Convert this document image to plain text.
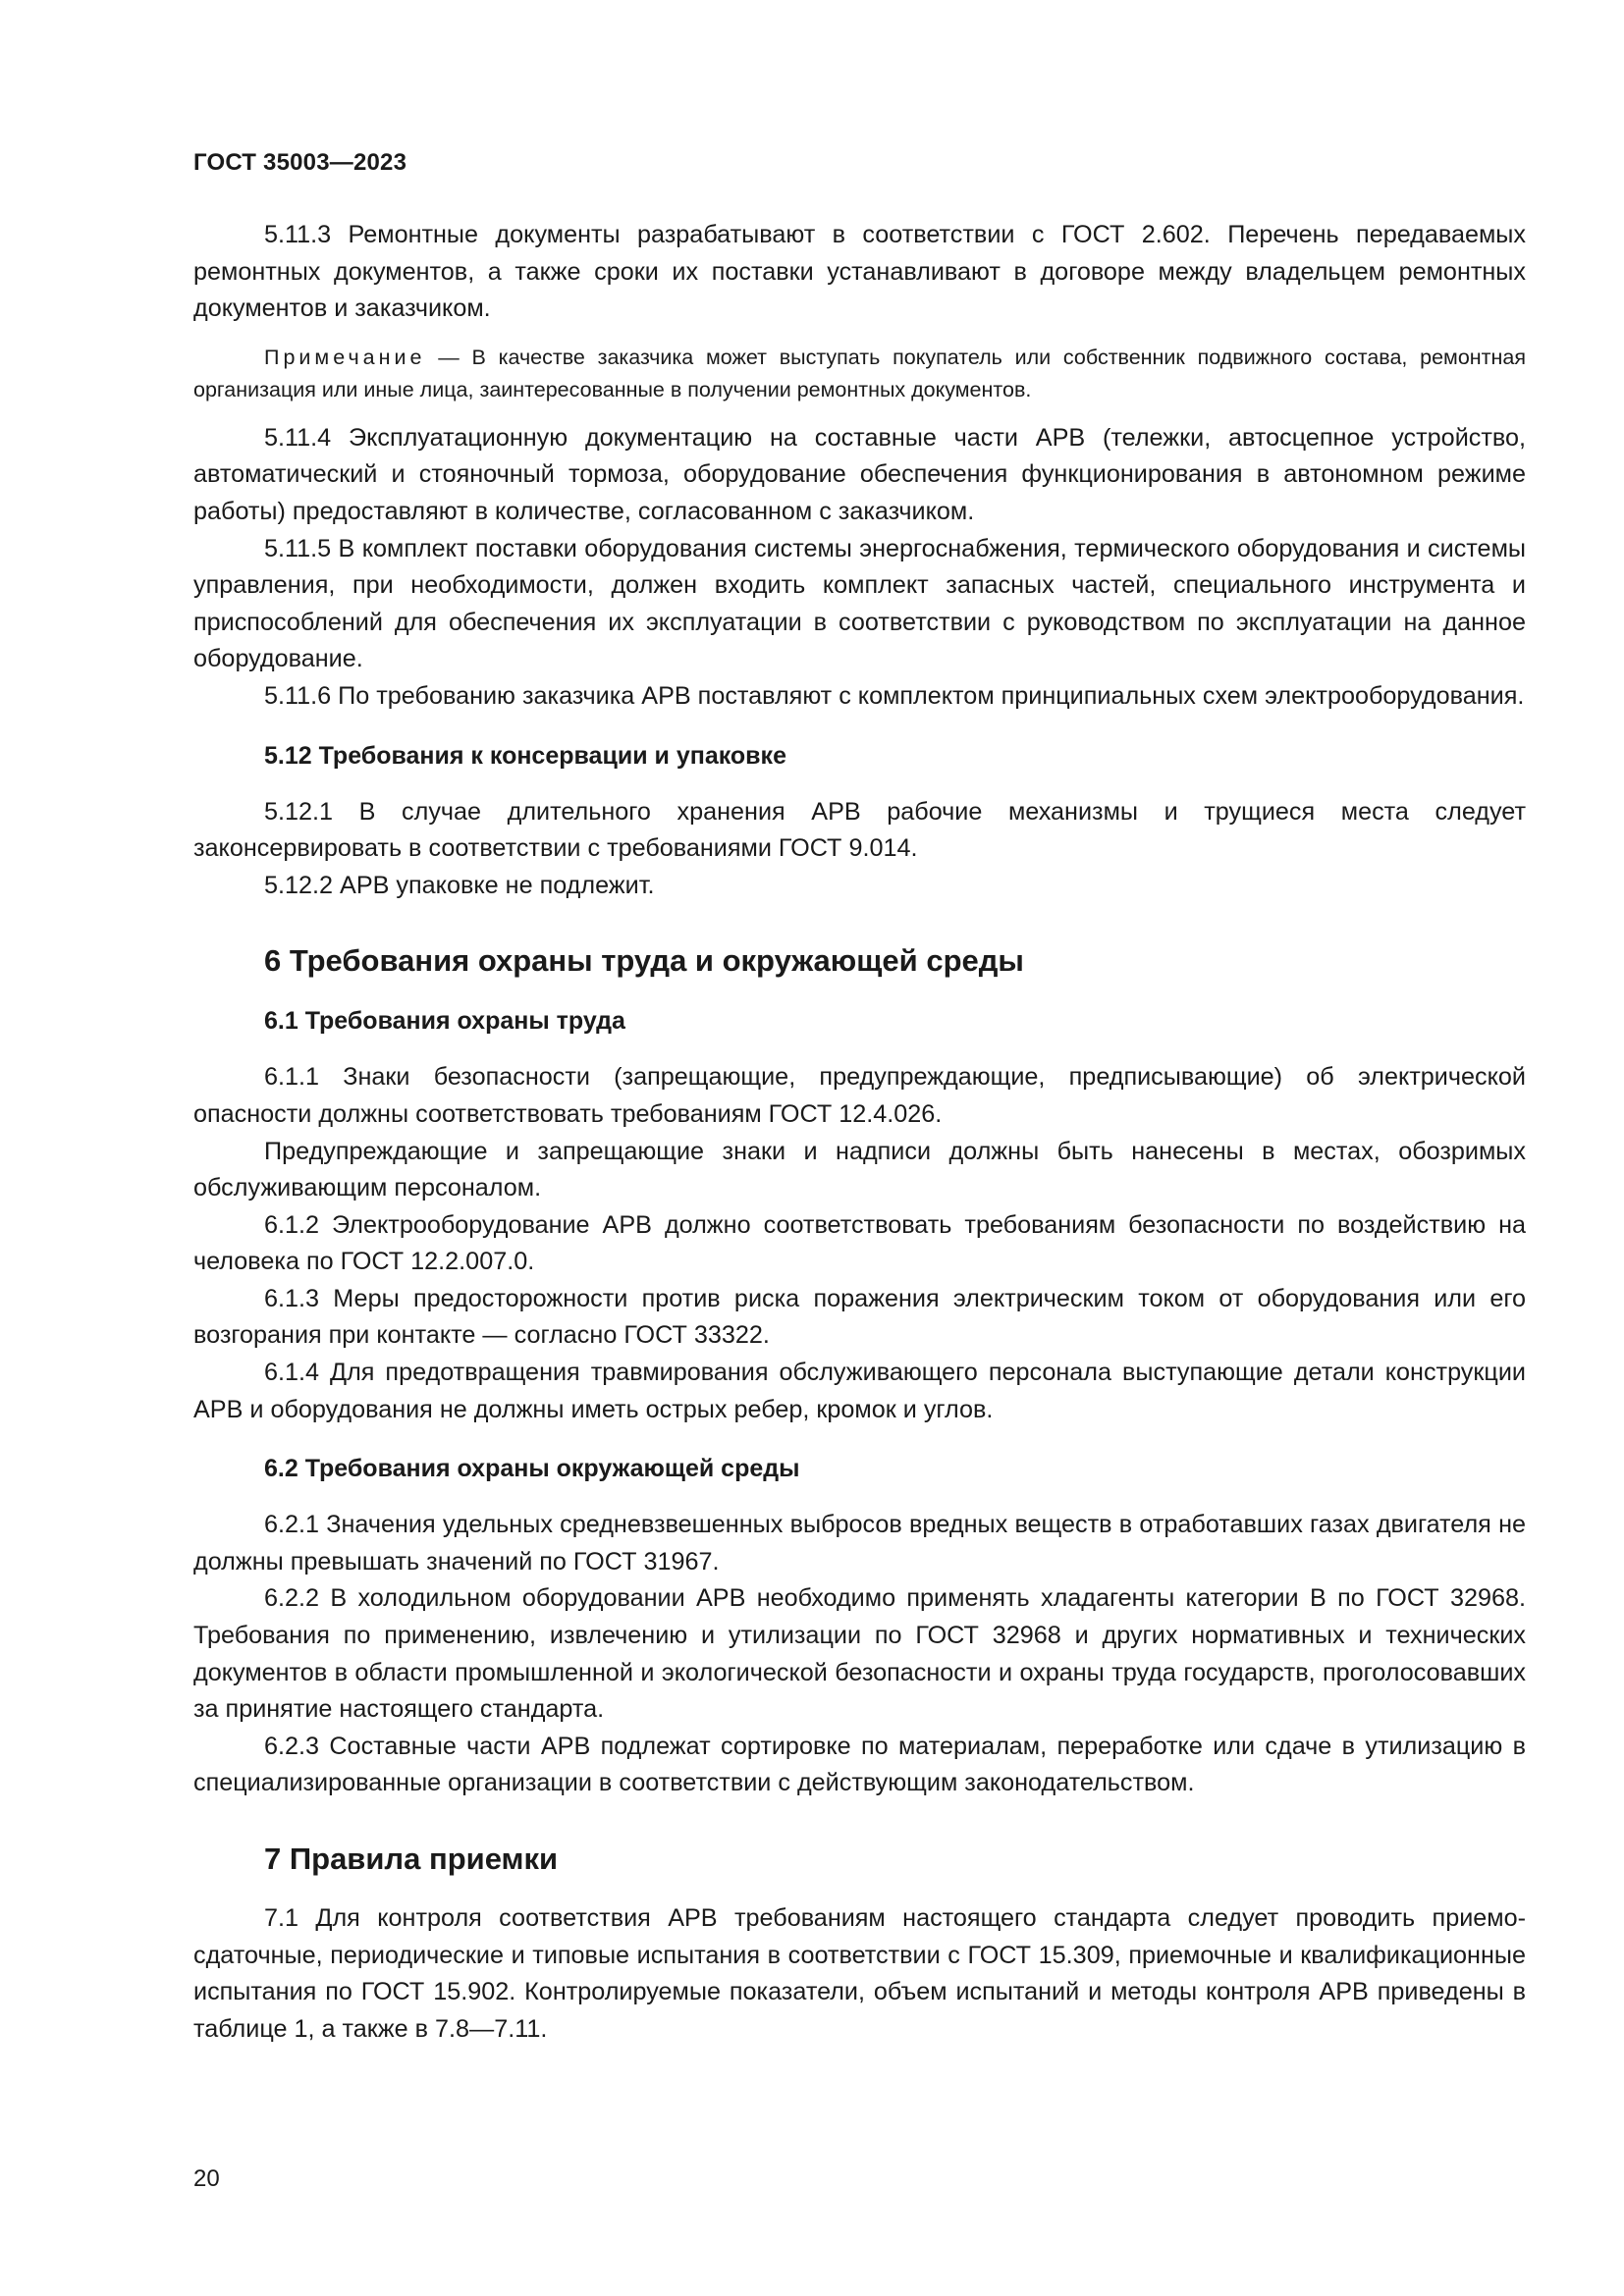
ГОСТ 35003—2023

5.11.3 Ремонтные документы разрабатывают в соответствии с ГОСТ 2.602. Перечень передаваемых ремонтных документов, а также сроки их поставки устанавливают в договоре между владельцем ремонтных документов и заказчиком.

Примечание — В качестве заказчика может выступать покупатель или собственник подвижного состава, ремонтная организация или иные лица, заинтересованные в получении ремонтных документов.

5.11.4 Эксплуатационную документацию на составные части АРВ (тележки, автосцепное устройство, автоматический и стояночный тормоза, оборудование обеспечения функционирования в автономном режиме работы) предоставляют в количестве, согласованном с заказчиком.

5.11.5 В комплект поставки оборудования системы энергоснабжения, термического оборудования и системы управления, при необходимости, должен входить комплект запасных частей, специального инструмента и приспособлений для обеспечения их эксплуатации в соответствии с руководством по эксплуатации на данное оборудование.

5.11.6 По требованию заказчика АРВ поставляют с комплектом принципиальных схем электрооборудования.

5.12 Требования к консервации и упаковке

5.12.1 В случае длительного хранения АРВ рабочие механизмы и трущиеся места следует законсервировать в соответствии с требованиями ГОСТ 9.014.

5.12.2 АРВ упаковке не подлежит.

6 Требования охраны труда и окружающей среды
6.1 Требования охраны труда

6.1.1 Знаки безопасности (запрещающие, предупреждающие, предписывающие) об электрической опасности должны соответствовать требованиям ГОСТ 12.4.026.

Предупреждающие и запрещающие знаки и надписи должны быть нанесены в местах, обозримых обслуживающим персоналом.

6.1.2 Электрооборудование АРВ должно соответствовать требованиям безопасности по воздействию на человека по ГОСТ 12.2.007.0.

6.1.3 Меры предосторожности против риска поражения электрическим током от оборудования или его возгорания при контакте — согласно ГОСТ 33322.

6.1.4 Для предотвращения травмирования обслуживающего персонала выступающие детали конструкции АРВ и оборудования не должны иметь острых ребер, кромок и углов.

6.2 Требования охраны окружающей среды

6.2.1 Значения удельных средневзвешенных выбросов вредных веществ в отработавших газах двигателя не должны превышать значений по ГОСТ 31967.

6.2.2 В холодильном оборудовании АРВ необходимо применять хладагенты категории В по ГОСТ 32968. Требования по применению, извлечению и утилизации по ГОСТ 32968 и других нормативных и технических документов в области промышленной и экологической безопасности и охраны труда государств, проголосовавших за принятие настоящего стандарта.

6.2.3 Составные части АРВ подлежат сортировке по материалам, переработке или сдаче в утилизацию в специализированные организации в соответствии с действующим законодательством.

7 Правила приемки

7.1 Для контроля соответствия АРВ требованиям настоящего стандарта следует проводить приемо-сдаточные, периодические и типовые испытания в соответствии с ГОСТ 15.309, приемочные и квалификационные испытания по ГОСТ 15.902. Контролируемые показатели, объем испытаний и методы контроля АРВ приведены в таблице 1, а также в 7.8—7.11.

20
